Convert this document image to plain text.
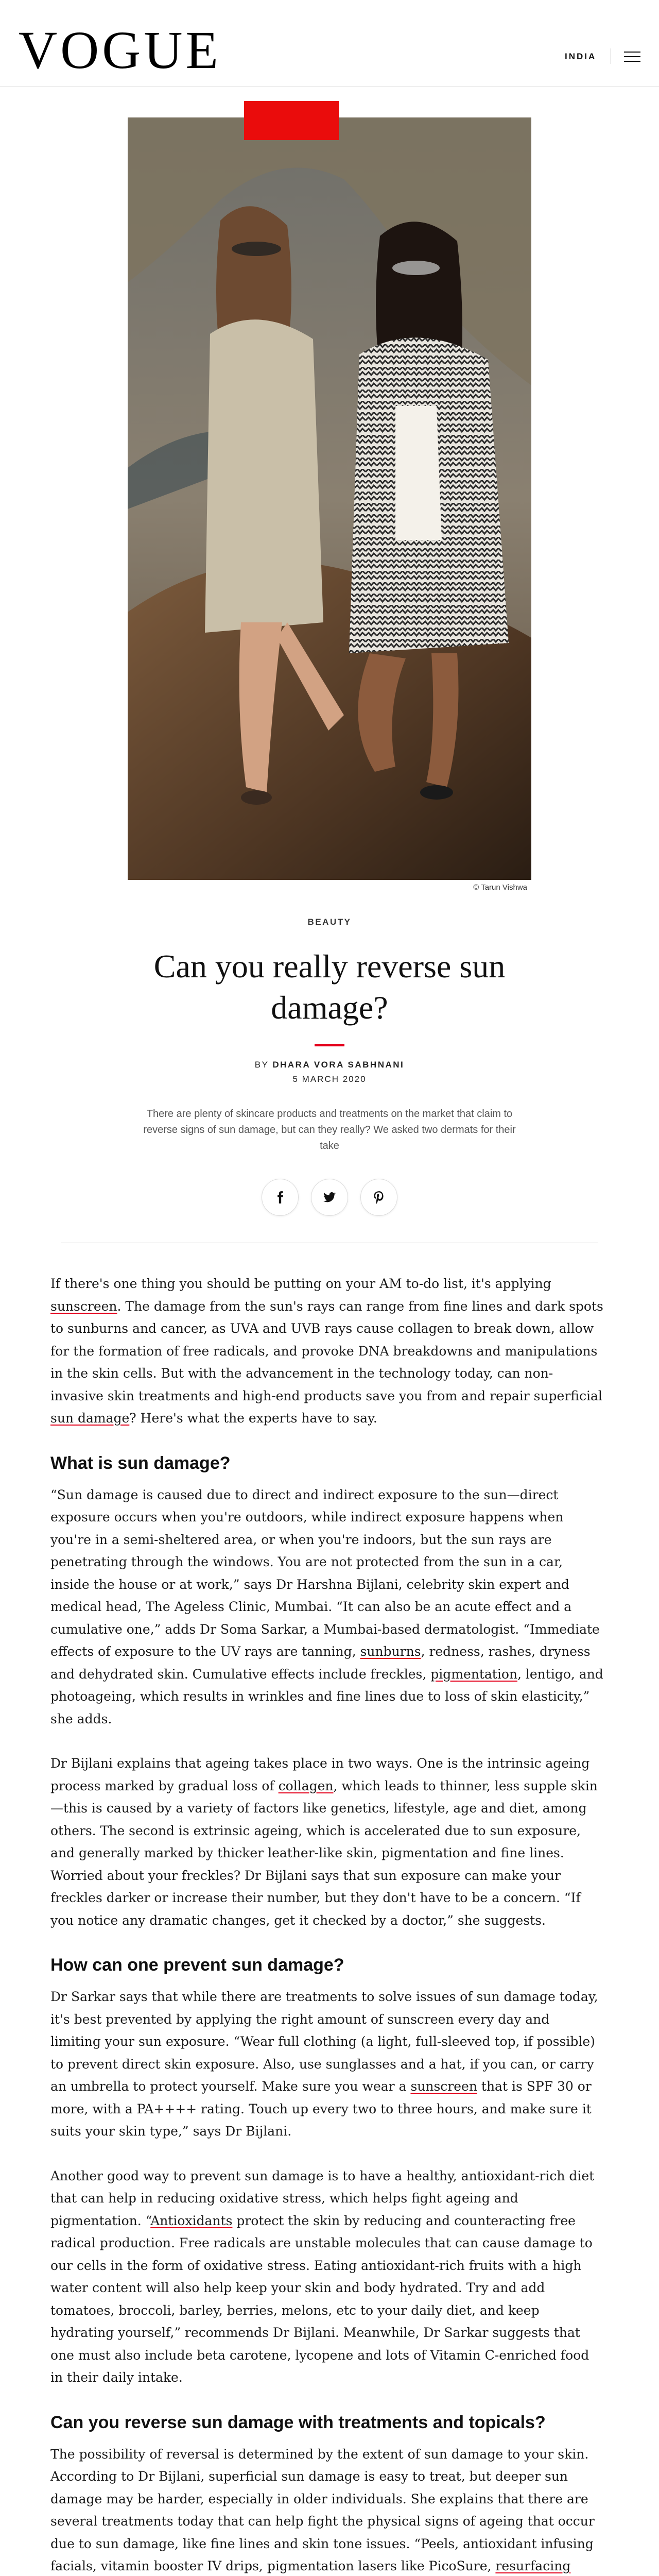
VOGUE	INDIA
© Tarun Vishwa
BEAUTY
Can you really reverse sun damage?
BY DHARA VORA SABHNANI
5 MARCH 2020

There are plenty of skincare products and treatments on the market that claim to reverse signs of sun damage, but can they really? We asked two dermats for their take

If there's one thing you should be putting on your AM to-do list, it's applying sunscreen. The damage from the sun's rays can range from fine lines and dark spots to sunburns and cancer, as UVA and UVB rays cause collagen to break down, allow for the formation of free radicals, and provoke DNA breakdowns and manipulations in the skin cells. But with the advancement in the technology today, can non-invasive skin treatments and high-end products save you from and repair superficial sun damage? Here's what the experts have to say.

What is sun damage?

“Sun damage is caused due to direct and indirect exposure to the sun—direct exposure occurs when you're outdoors, while indirect exposure happens when you're in a semi-sheltered area, or when you're indoors, but the sun rays are penetrating through the windows. You are not protected from the sun in a car, inside the house or at work,” says Dr Harshna Bijlani, celebrity skin expert and medical head, The Ageless Clinic, Mumbai. “It can also be an acute effect and a cumulative one,” adds Dr Soma Sarkar, a Mumbai-based dermatologist. “Immediate effects of exposure to the UV rays are tanning, sunburns, redness, rashes, dryness and dehydrated skin. Cumulative effects include freckles, pigmentation, lentigo, and photoageing, which results in wrinkles and fine lines due to loss of skin elasticity,” she adds.

Dr Bijlani explains that ageing takes place in two ways. One is the intrinsic ageing process marked by gradual loss of collagen, which leads to thinner, less supple skin—this is caused by a variety of factors like genetics, lifestyle, age and diet, among others. The second is extrinsic ageing, which is accelerated due to sun exposure, and generally marked by thicker leather-like skin, pigmentation and fine lines. Worried about your freckles? Dr Bijlani says that sun exposure can make your freckles darker or increase their number, but they don't have to be a concern. “If you notice any dramatic changes, get it checked by a doctor,” she suggests.

How can one prevent sun damage?

Dr Sarkar says that while there are treatments to solve issues of sun damage today, it's best prevented by applying the right amount of sunscreen every day and limiting your sun exposure. “Wear full clothing (a light, full-sleeved top, if possible) to prevent direct skin exposure. Also, use sunglasses and a hat, if you can, or carry an umbrella to protect yourself. Make sure you wear a sunscreen that is SPF 30 or more, with a PA++++ rating. Touch up every two to three hours, and make sure it suits your skin type,” says Dr Bijlani.

Another good way to prevent sun damage is to have a healthy, antioxidant-rich diet that can help in reducing oxidative stress, which helps fight ageing and pigmentation. “Antioxidants protect the skin by reducing and counteracting free radical production. Free radicals are unstable molecules that can cause damage to our cells in the form of oxidative stress. Eating antioxidant-rich fruits with a high water content will also help keep your skin and body hydrated. Try and add tomatoes, broccoli, barley, berries, melons, etc to your daily diet, and keep hydrating yourself,” recommends Dr Bijlani. Meanwhile, Dr Sarkar suggests that one must also include beta carotene, lycopene and lots of Vitamin C-enriched food in their daily intake.

Can you reverse sun damage with treatments and topicals?

The possibility of reversal is determined by the extent of sun damage to your skin. According to Dr Bijlani, superficial sun damage is easy to treat, but deeper sun damage may be harder, especially in older individuals. She explains that there are several treatments today that can help fight the physical signs of ageing that occur due to sun damage, like fine lines and skin tone issues. “Peels, antioxidant infusing facials, vitamin booster IV drips, pigmentation lasers like PicoSure, resurfacing
